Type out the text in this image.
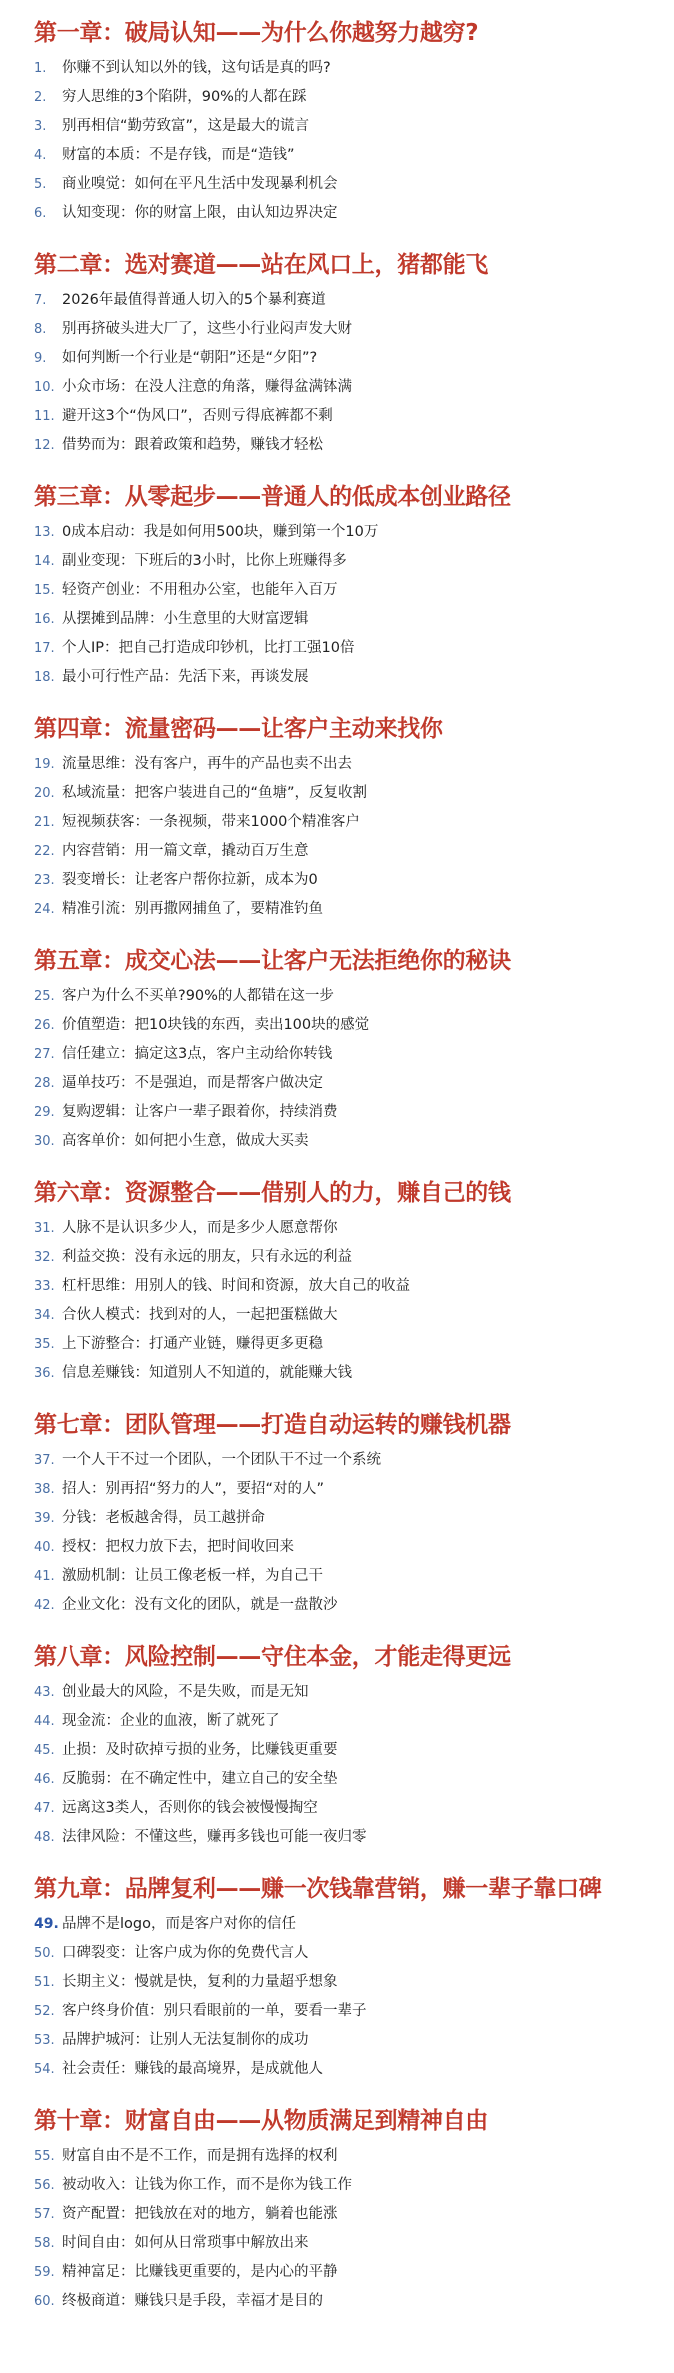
第一章：破局认知——为什么你越努力越穷?
1.	你赚不到认知以外的钱，这句话是真的吗?
2.	穷人思维的3个陷阱，90%的人都在踩
3.	别再相信“勤劳致富”，这是最大的谎言
4.	财富的本质：不是存钱，而是“造钱”
5.	商业嗅觉：如何在平凡生活中发现暴利机会
6.	认知变现：你的财富上限，由认知边界决定
第二章：选对赛道——站在风口上，猪都能飞
7.	2026年最值得普通人切入的5个暴利赛道
8.	别再挤破头进大厂了，这些小行业闷声发大财
9.	如何判断一个行业是“朝阳”还是“夕阳”?
10. 小众市场：在没人注意的角落，赚得盆满钵满
11. 避开这3个“伪风口”，否则亏得底裤都不剩
12. 借势而为：跟着政策和趋势，赚钱才轻松
第三章：从零起步——普通人的低成本创业路径
13. 0成本启动：我是如何用500块，赚到第一个10万
14. 副业变现：下班后的3小时，比你上班赚得多
15. 轻资产创业：不用租办公室，也能年入百万
16. 从摆摊到品牌：小生意里的大财富逻辑
17. 个人IP：把自己打造成印钞机，比打工强10倍
18. 最小可行性产品：先活下来，再谈发展
第四章：流量密码——让客户主动来找你
19. 流量思维：没有客户，再牛的产品也卖不出去
20. 私域流量：把客户装进自己的“鱼塘”，反复收割
21. 短视频获客：一条视频，带来1000个精准客户
22. 内容营销：用一篇文章，撬动百万生意
23. 裂变增长：让老客户帮你拉新，成本为0
24. 精准引流：别再撒网捕鱼了，要精准钓鱼
第五章：成交心法——让客户无法拒绝你的秘诀
25. 客户为什么不买单?90%的人都错在这一步
26. 价值塑造：把10块钱的东西，卖出100块的感觉
27. 信任建立：搞定这3点，客户主动给你转钱
28. 逼单技巧：不是强迫，而是帮客户做决定
29. 复购逻辑：让客户一辈子跟着你，持续消费
30. 高客单价：如何把小生意，做成大买卖
第六章：资源整合——借别人的力，赚自己的钱
31. 人脉不是认识多少人，而是多少人愿意帮你
32. 利益交换：没有永远的朋友，只有永远的利益
33. 杠杆思维：用别人的钱、时间和资源，放大自己的收益
34. 合伙人模式：找到对的人，一起把蛋糕做大
35. 上下游整合：打通产业链，赚得更多更稳
36. 信息差赚钱：知道别人不知道的，就能赚大钱
第七章：团队管理——打造自动运转的赚钱机器
37. 一个人干不过一个团队，一个团队干不过一个系统
38. 招人：别再招“努力的人”，要招“对的人”
39. 分钱：老板越舍得，员工越拼命
40. 授权：把权力放下去，把时间收回来
41. 激励机制：让员工像老板一样，为自己干
42. 企业文化：没有文化的团队，就是一盘散沙
第八章：风险控制——守住本金，才能走得更远
43. 创业最大的风险，不是失败，而是无知
44. 现金流：企业的血液，断了就死了
45. 止损：及时砍掉亏损的业务，比赚钱更重要
46. 反脆弱：在不确定性中，建立自己的安全垫
47. 远离这3类人，否则你的钱会被慢慢掏空
48. 法律风险：不懂这些，赚再多钱也可能一夜归零
第九章：品牌复利——赚一次钱靠营销，赚一辈子靠口碑
49. 品牌不是logo，而是客户对你的信任
50. 口碑裂变：让客户成为你的免费代言人
51. 长期主义：慢就是快，复利的力量超乎想象
52. 客户终身价值：别只看眼前的一单，要看一辈子
53. 品牌护城河：让别人无法复制你的成功
54. 社会责任：赚钱的最高境界，是成就他人
第十章：财富自由——从物质满足到精神自由
55. 财富自由不是不工作，而是拥有选择的权利
56. 被动收入：让钱为你工作，而不是你为钱工作
57. 资产配置：把钱放在对的地方，躺着也能涨
58. 时间自由：如何从日常琐事中解放出来
59. 精神富足：比赚钱更重要的，是内心的平静
60. 终极商道：赚钱只是手段，幸福才是目的
